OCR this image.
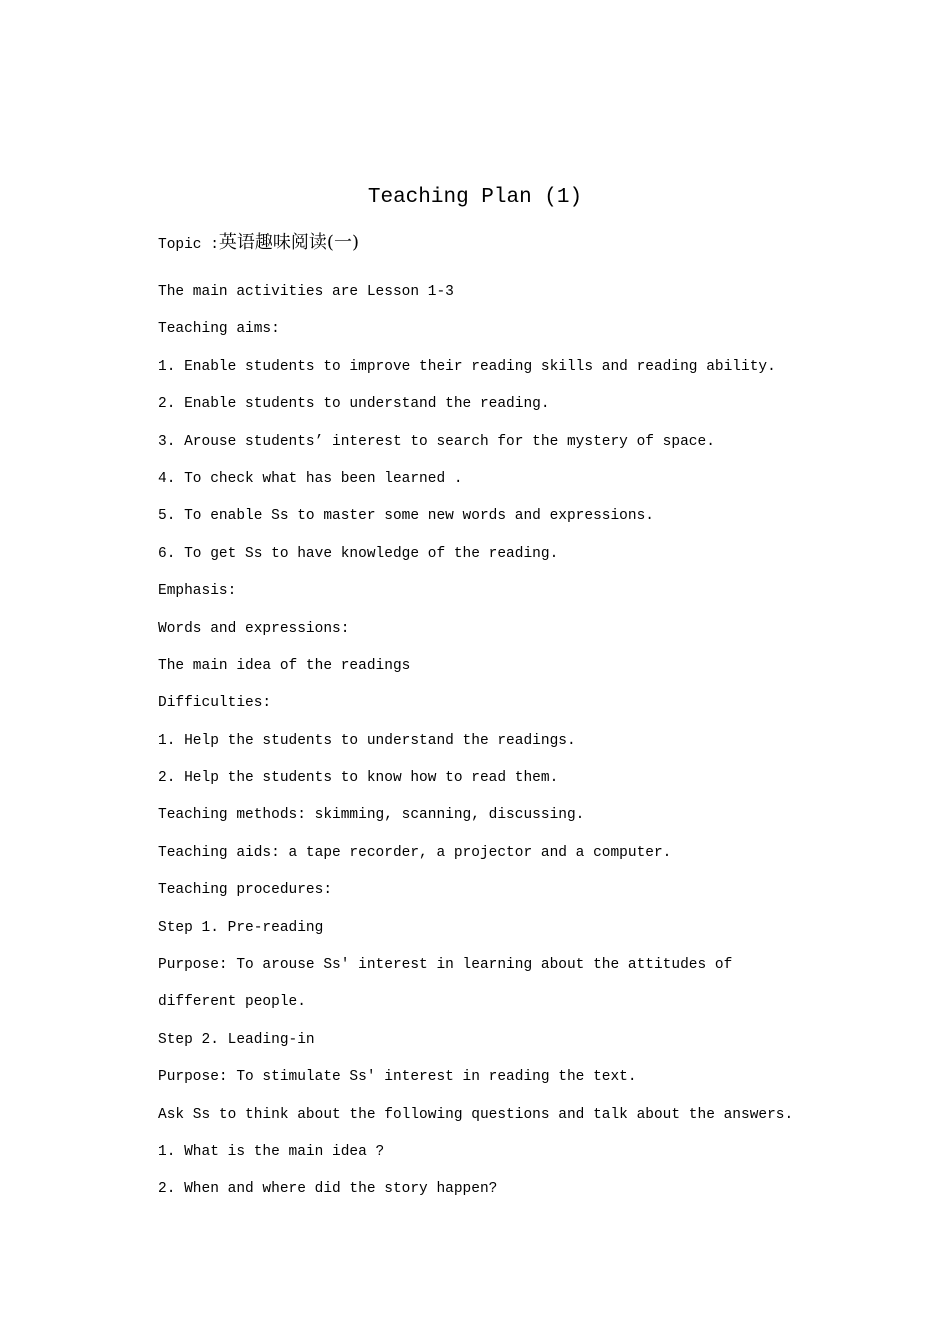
Teaching Plan (1)
Topic :英语趣味阅读(一)
The main activities are Lesson 1-3
Teaching aims:
1. Enable students to improve their reading skills and reading ability.
2. Enable students to understand the reading.
3. Arouse students’ interest to search for the mystery of space.
4. To check what has been learned .
5. To enable Ss to master some new words and expressions.
6. To get Ss to have knowledge of the reading.
Emphasis:
Words and expressions:
The main idea of the readings
Difficulties:
1. Help the students to understand the readings.
2. Help the students to know how to read them.
Teaching methods: skimming, scanning, discussing.
Teaching aids: a tape recorder, a projector and a computer.
Teaching procedures:
Step 1. Pre-reading
Purpose: To arouse Ss' interest in learning about the attitudes of
different people.
Step 2. Leading-in
Purpose: To stimulate Ss' interest in reading the text.
Ask Ss to think about the following questions and talk about the answers.
1. What is the main idea ?
2. When and where did the story happen?
